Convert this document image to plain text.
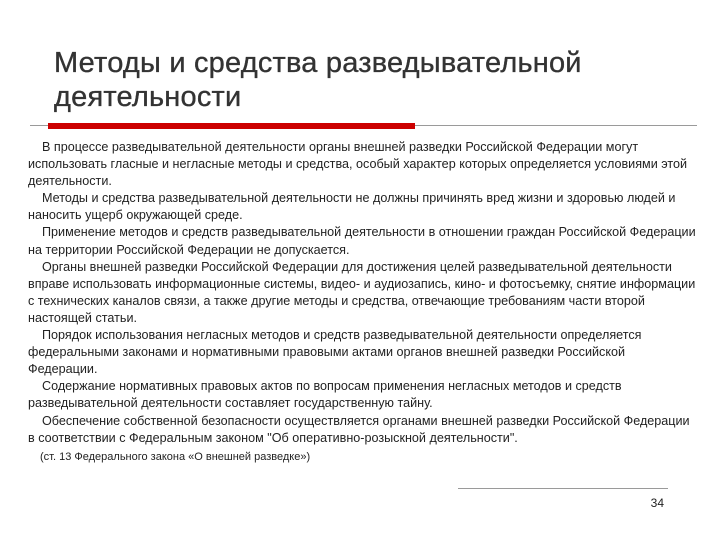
Методы и средства разведывательной
деятельности

В процессе разведывательной деятельности органы внешней разведки Российской Федерации могут использовать гласные и негласные методы и средства, особый характер которых определяется условиями этой деятельности.

Методы и средства разведывательной деятельности не должны причинять вред жизни и здоровью людей и наносить ущерб окружающей среде.

Применение методов и средств разведывательной деятельности в отношении граждан Российской Федерации на территории Российской Федерации не допускается.

Органы внешней разведки Российской Федерации для достижения целей разведывательной деятельности вправе использовать информационные системы, видео- и аудиозапись, кино- и фотосъемку, снятие информации с технических каналов связи, а также другие методы и средства, отвечающие требованиям части второй настоящей статьи.

Порядок использования негласных методов и средств разведывательной деятельности определяется федеральными законами и нормативными правовыми актами органов внешней разведки Российской Федерации.

Содержание нормативных правовых актов по вопросам применения негласных методов и средств разведывательной деятельности составляет государственную тайну.

Обеспечение собственной безопасности осуществляется органами внешней разведки Российской Федерации в соответствии с Федеральным законом "Об оперативно-розыскной деятельности".

(ст. 13 Федерального закона «О внешней разведке»)

34
